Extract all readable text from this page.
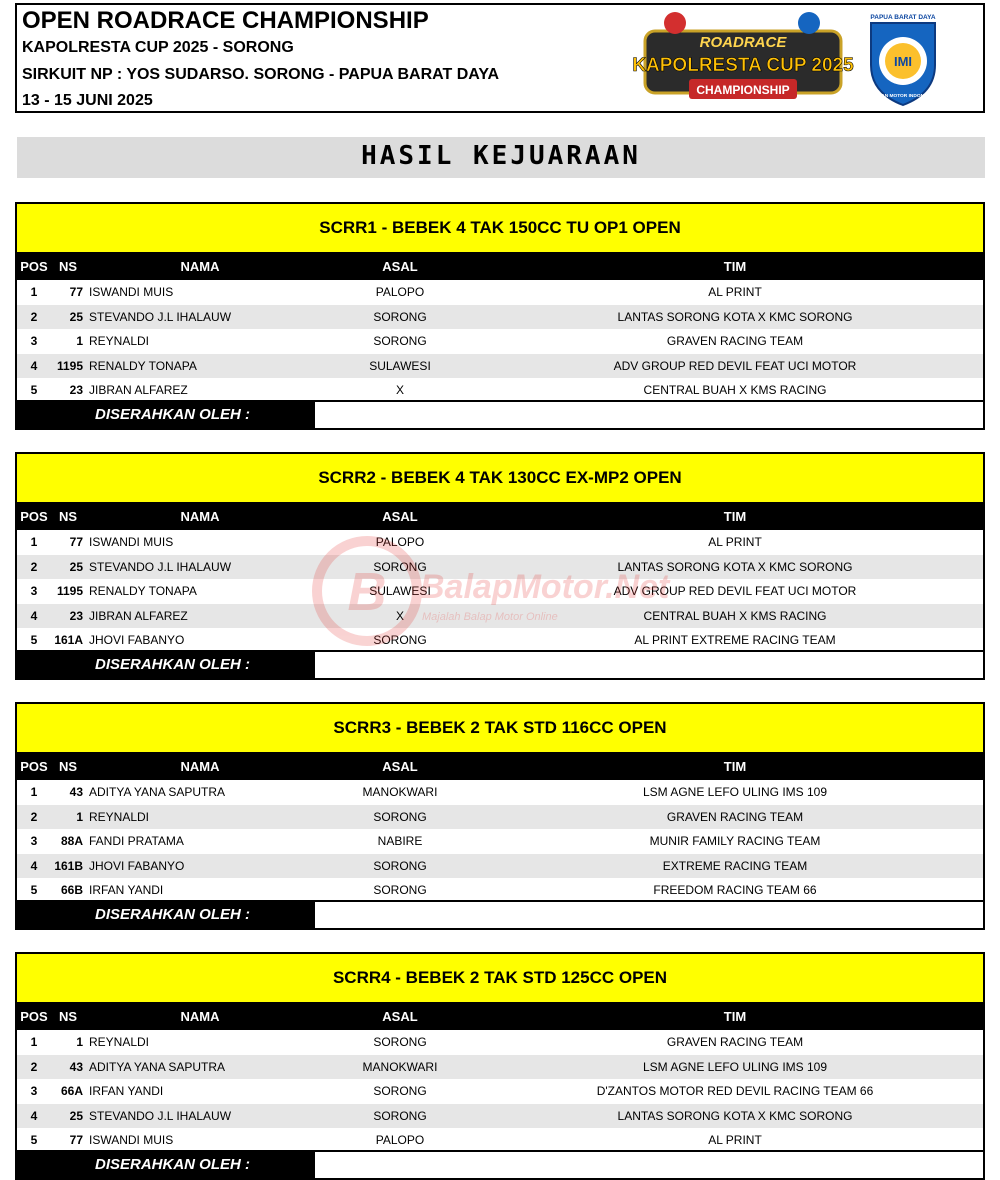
OPEN ROADRACE CHAMPIONSHIP
KAPOLRESTA CUP 2025 - SORONG
SIRKUIT NP : YOS SUDARSO. SORONG - PAPUA BARAT DAYA
13 - 15 JUNI 2025
ROADRACE
KAPOLRESTA CUP 2025
CHAMPIONSHIP
PAPUA BARAT DAYA
IMI
IKATAN MOTOR INDONESIA
HASIL KEJUARAAN
SCRR1 - BEBEK 4 TAK 150CC TU OP1 OPEN
POS NS	NAMA	ASAL	TIM
1	77 ISWANDI MUIS	PALOPO	AL PRINT
2	25 STEVANDO J.L IHALAUW	SORONG	LANTAS SORONG KOTA X KMC SORONG
3	1 REYNALDI	SORONG	GRAVEN RACING TEAM
4	1195 RENALDY TONAPA	SULAWESI	ADV GROUP RED DEVIL FEAT UCI MOTOR
5	23 JIBRAN ALFAREZ	X	CENTRAL BUAH X KMS RACING
DISERAHKAN OLEH :
SCRR2 - BEBEK 4 TAK 130CC EX-MP2 OPEN
POS NS	NAMA	ASAL	TIM
1	77 ISWANDI MUIS	PALOPO	AL PRINT
2	25 STEVANDO J.L IHALAUW	SORONG	LANTAS SORONG KOTA X KMC SORONG
3	1195 RENALDY TONAPA	SULAWESI	ADV GROUP RED DEVIL FEAT UCI MOTOR
4	23 JIBRAN ALFAREZ	X	CENTRAL BUAH X KMS RACING
5	161A JHOVI FABANYO	SORONG	AL PRINT EXTREME RACING TEAM
DISERAHKAN OLEH :
SCRR3 - BEBEK 2 TAK STD 116CC OPEN
POS NS	NAMA	ASAL	TIM
1	43 ADITYA YANA SAPUTRA	MANOKWARI	LSM AGNE LEFO ULING IMS 109
2	1 REYNALDI	SORONG	GRAVEN RACING TEAM
3	88A FANDI PRATAMA	NABIRE	MUNIR FAMILY RACING TEAM
4	161B JHOVI FABANYO	SORONG	EXTREME RACING TEAM
5	66B IRFAN YANDI	SORONG	FREEDOM RACING TEAM 66
DISERAHKAN OLEH :
SCRR4 - BEBEK 2 TAK STD 125CC OPEN
POS NS	NAMA	ASAL	TIM
1	1 REYNALDI	SORONG	GRAVEN RACING TEAM
2	43 ADITYA YANA SAPUTRA	MANOKWARI	LSM AGNE LEFO ULING IMS 109
3	66A IRFAN YANDI	SORONG	D'ZANTOS MOTOR RED DEVIL RACING TEAM 66
4	25 STEVANDO J.L IHALAUW	SORONG	LANTAS SORONG KOTA X KMC SORONG
5	77 ISWANDI MUIS	PALOPO	AL PRINT
DISERAHKAN OLEH :
B BalapMotor.Net
Majalah Balap Motor Online
